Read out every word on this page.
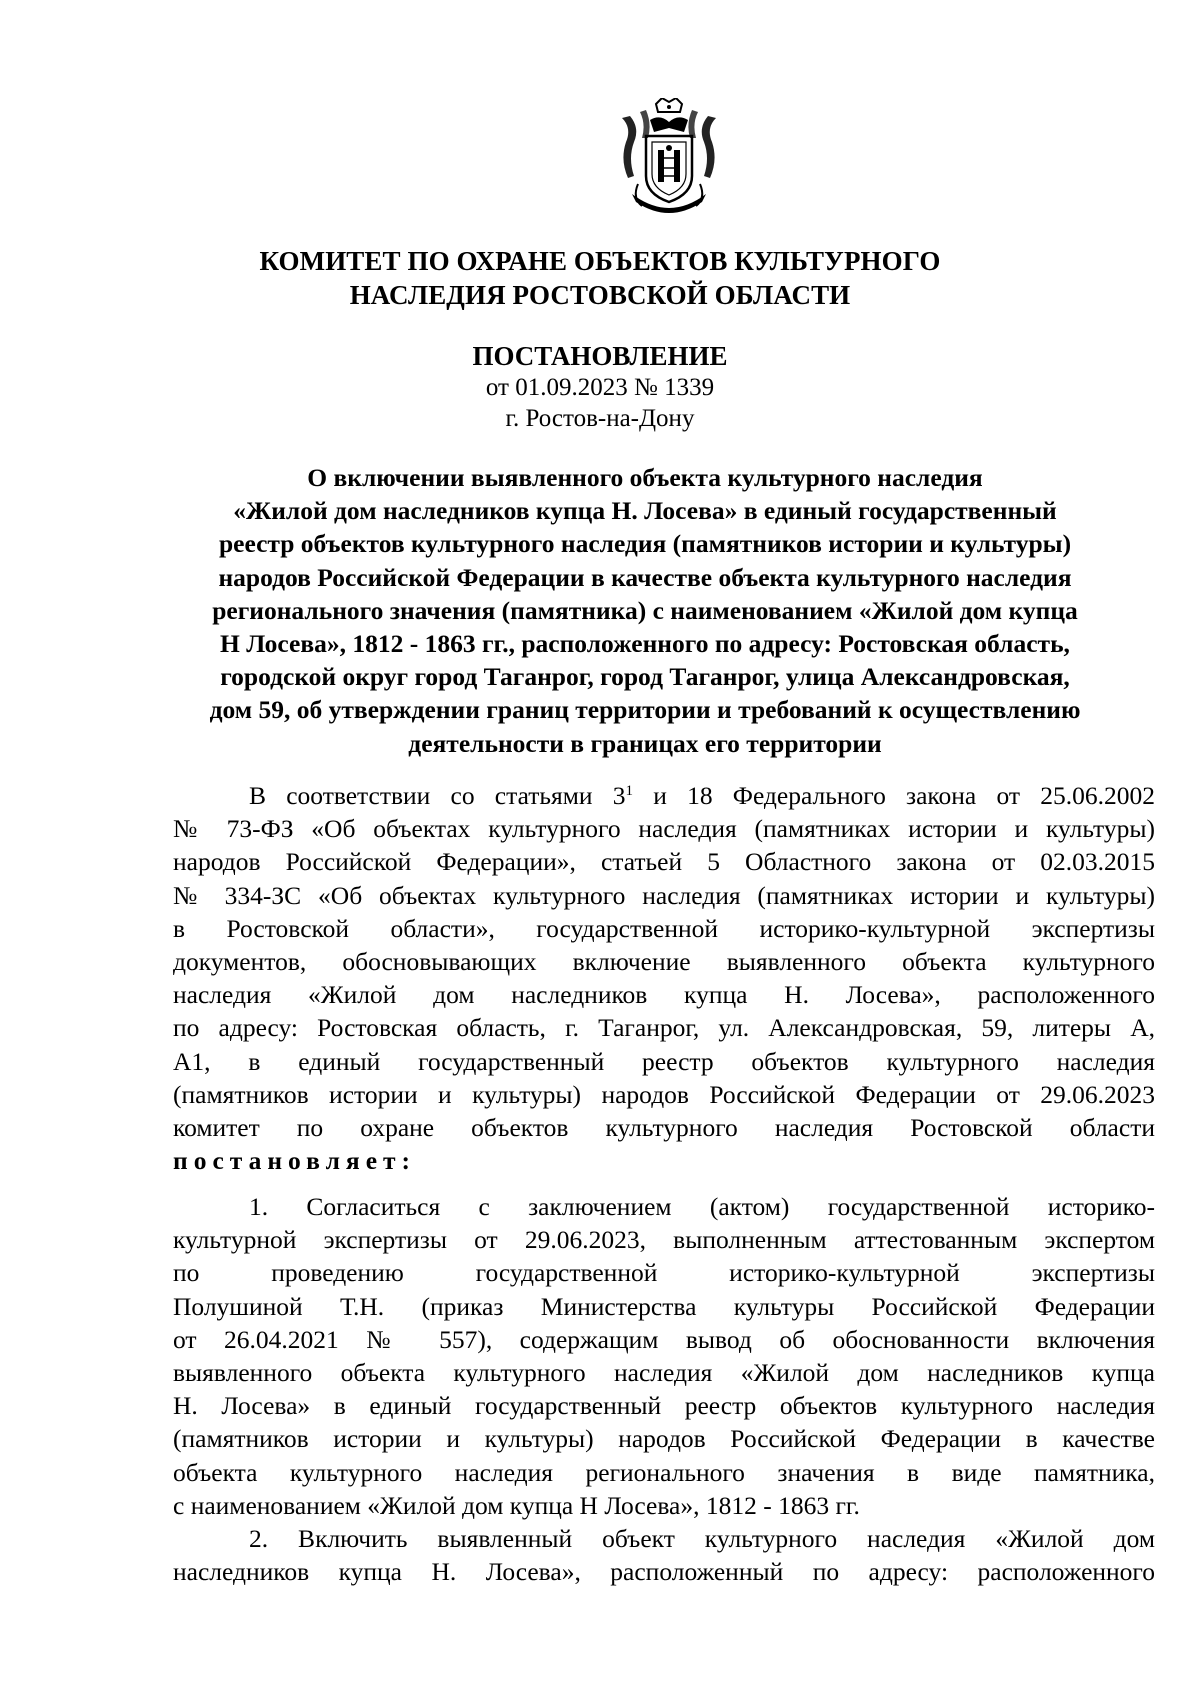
КОМИТЕТ ПО ОХРАНЕ ОБЪЕКТОВ КУЛЬТУРНОГО
НАСЛЕДИЯ РОСТОВСКОЙ ОБЛАСТИ
ПОСТАНОВЛЕНИЕ
от 01.09.2023 № 1339
г. Ростов-на-Дону
О включении выявленного объекта культурного наследия
«Жилой дом наследников купца Н. Лосева» в единый государственный
реестр объектов культурного наследия (памятников истории и культуры)
народов Российской Федерации в качестве объекта культурного наследия
регионального значения (памятника) с наименованием «Жилой дом купца
Н Лосева», 1812 - 1863 гг., расположенного по адресу: Ростовская область,
городской округ город Таганрог, город Таганрог, улица Александровская,
дом 59, об утверждении границ территории и требований к осуществлению
деятельности в границах его территории
В соответствии со статьями $3^1$ и 18 Федерального закона от 25.06.2002
№ 73-ФЗ «Об объектах культурного наследия (памятниках истории и культуры)
народов Российской Федерации», статьей 5 Областного закона от 02.03.2015
№ 334-ЗС «Об объектах культурного наследия (памятниках истории и культуры)
в Ростовской области», государственной историко-культурной экспертизы
документов, обосновывающих включение выявленного объекта культурного
наследия «Жилой дом наследников купца Н. Лосева», расположенного
по адресу: Ростовская область, г. Таганрог, ул. Александровская, 59, литеры А,
А1, в единый государственный реестр объектов культурного наследия
(памятников истории и культуры) народов Российской Федерации от 29.06.2023
комитет по охране объектов культурного наследия Ростовской области
постановляет:
1. Согласиться с заключением (актом) государственной историко-
культурной экспертизы от 29.06.2023, выполненным аттестованным экспертом
по проведению государственной историко-культурной экспертизы
Полушиной Т.Н. (приказ Министерства культуры Российской Федерации
от 26.04.2021 № 557), содержащим вывод об обоснованности включения
выявленного объекта культурного наследия «Жилой дом наследников купца
Н. Лосева» в единый государственный реестр объектов культурного наследия
(памятников истории и культуры) народов Российской Федерации в качестве
объекта культурного наследия регионального значения в виде памятника,
с наименованием «Жилой дом купца Н Лосева», 1812 - 1863 гг.
2. Включить выявленный объект культурного наследия «Жилой дом
наследников купца Н. Лосева», расположенный по адресу: расположенного
